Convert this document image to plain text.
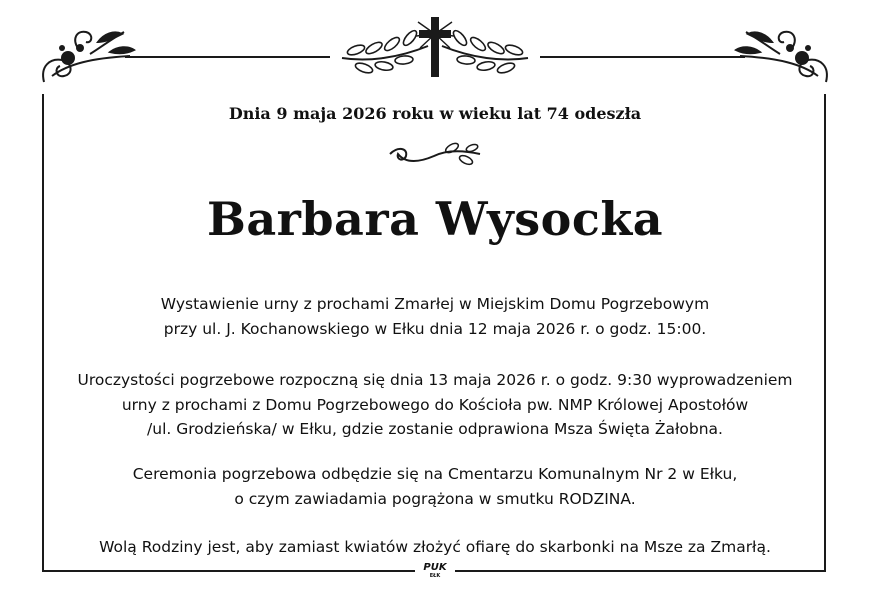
Dnia 9 maja 2026 roku w wieku lat 74 odeszła
Barbara Wysocka
Wystawienie urny z prochami Zmarłej w Miejskim Domu Pogrzebowym
przy ul. J. Kochanowskiego w Ełku dnia 12 maja 2026 r. o godz. 15:00.
Uroczystości pogrzebowe rozpoczną się dnia 13 maja 2026 r. o godz. 9:30 wyprowadzeniem
urny z prochami z Domu Pogrzebowego do Kościoła pw. NMP Królowej Apostołów
/ul. Grodzieńska/ w Ełku, gdzie zostanie odprawiona Msza Święta Żałobna.
Ceremonia pogrzebowa odbędzie się na Cmentarzu Komunalnym Nr 2 w Ełku,
o czym zawiadamia pogrążona w smutku RODZINA.
Wolą Rodziny jest, aby zamiast kwiatów złożyć ofiarę do skarbonki na Msze za Zmarłą.
PUK
EŁK
